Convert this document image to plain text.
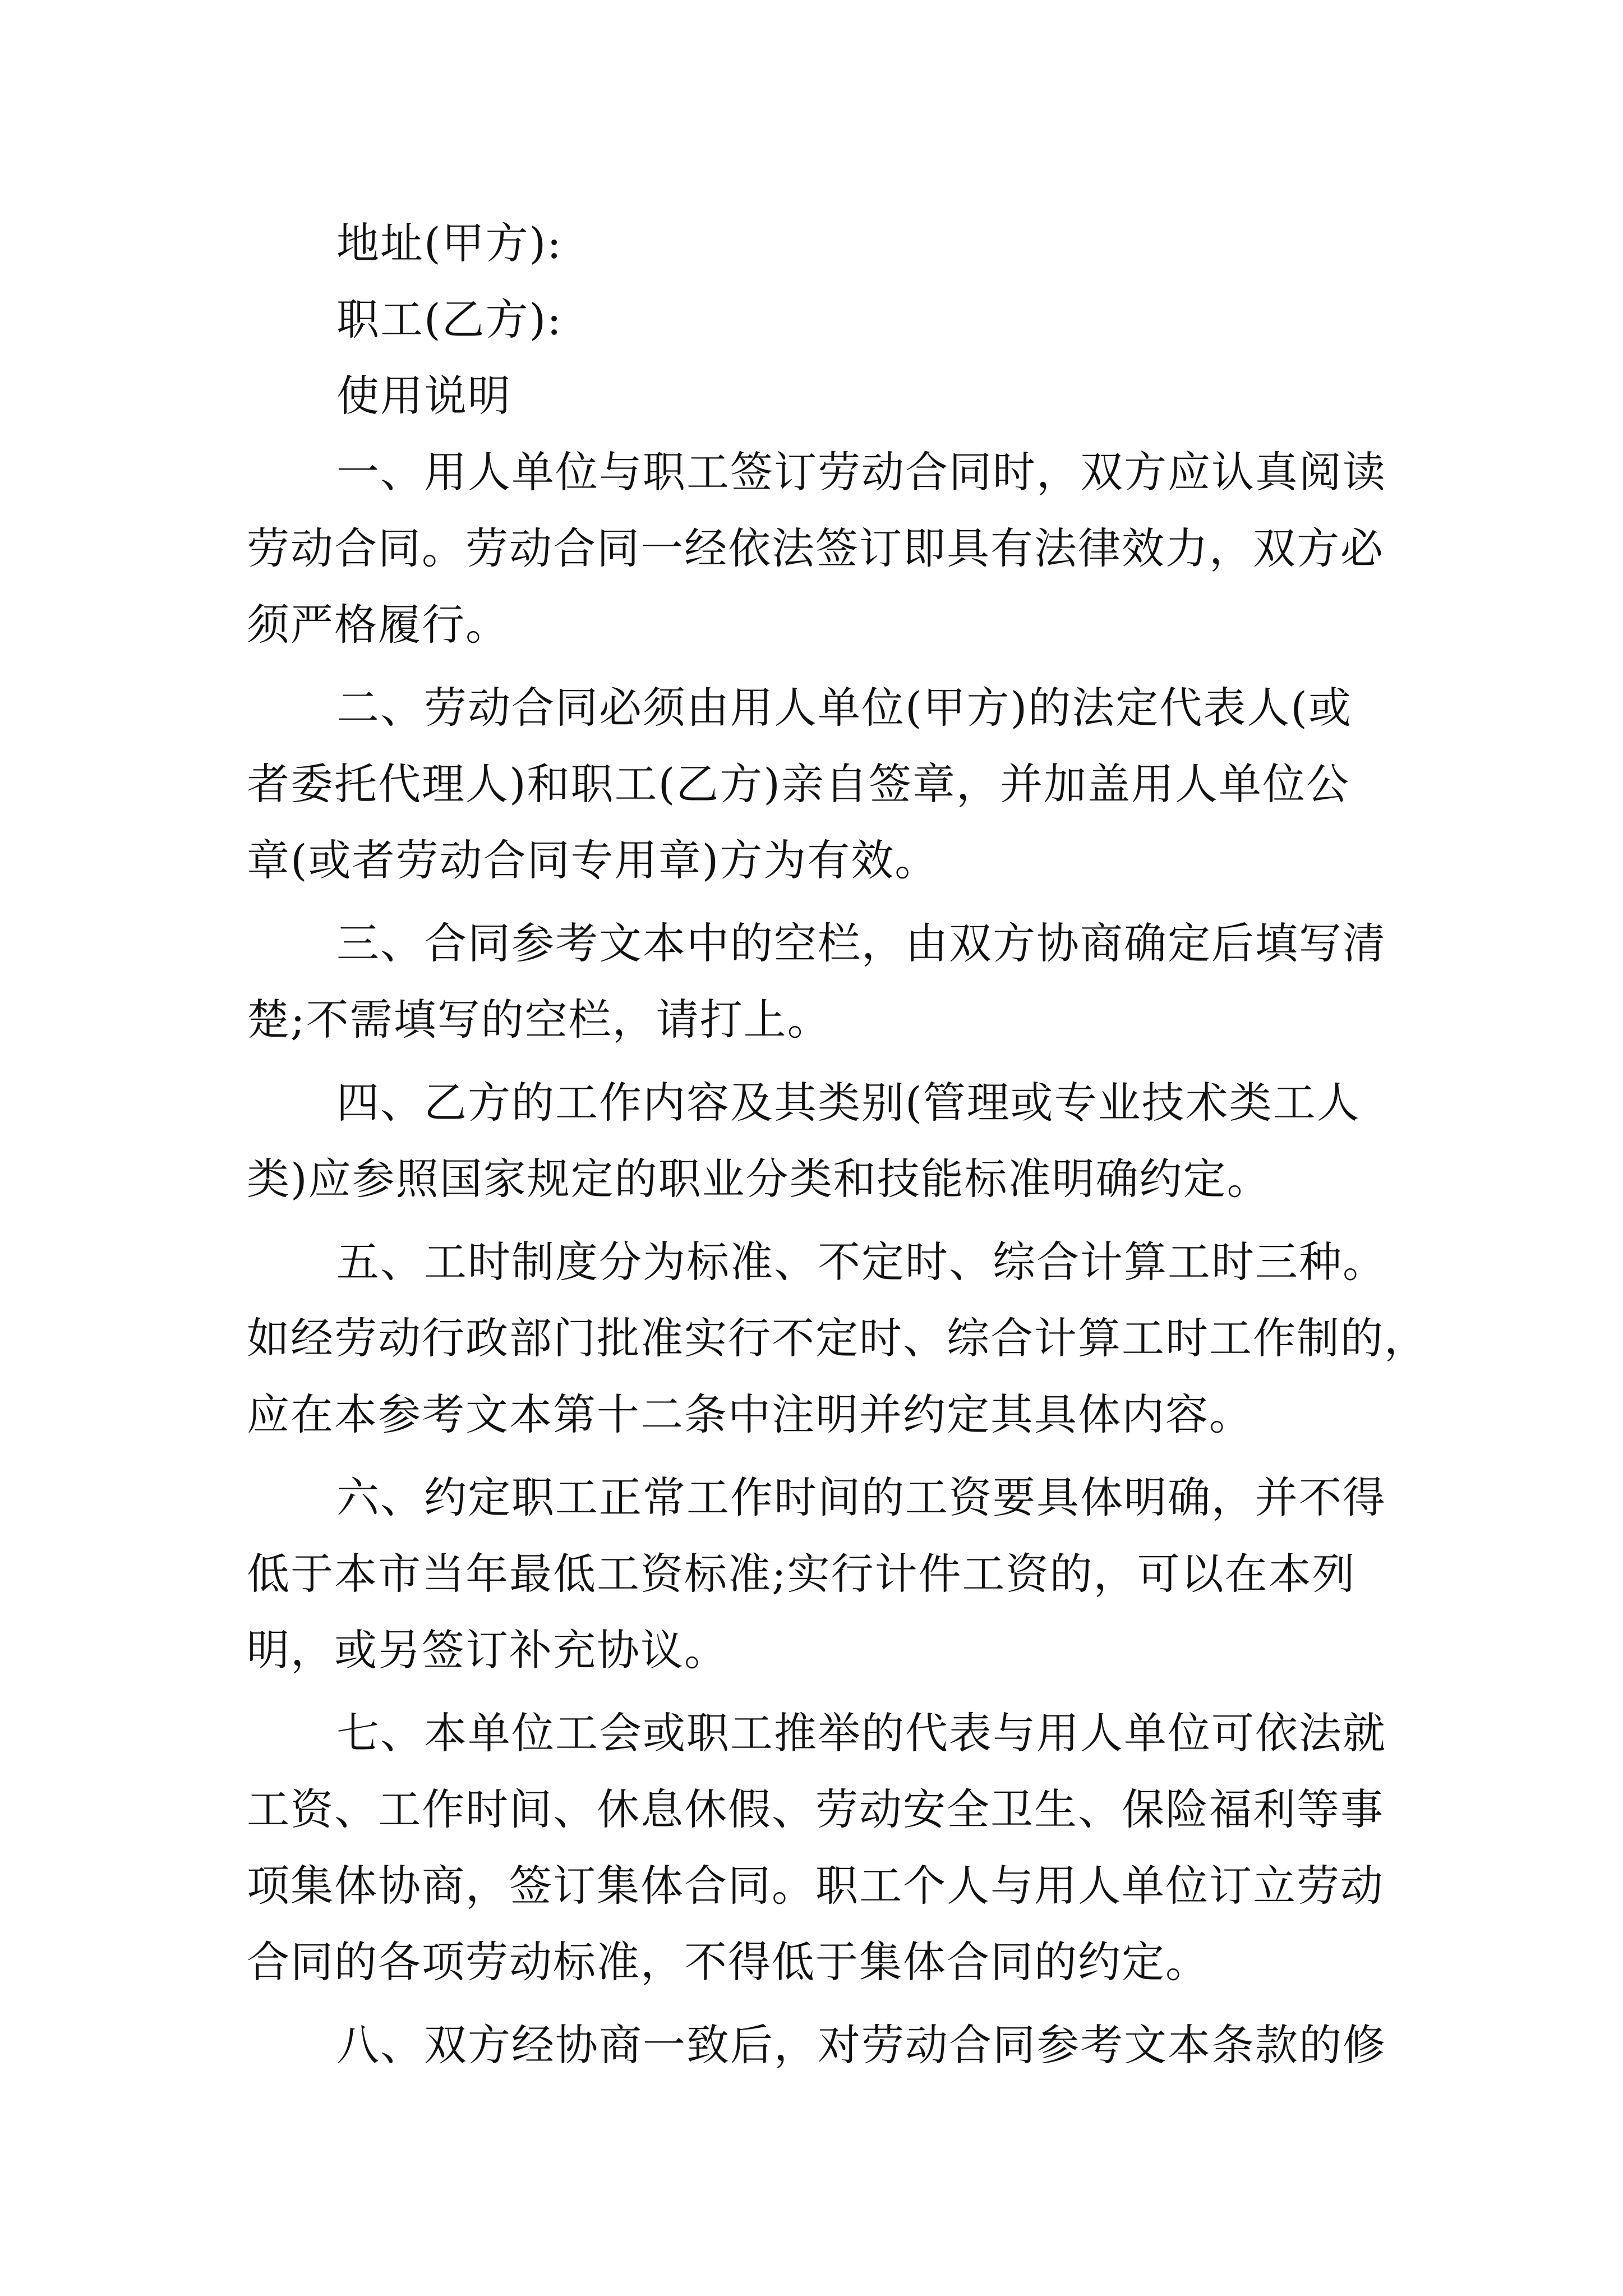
地址(甲方):
职工(乙方):
使用说明
一、用人单位与职工签订劳动合同时，双方应认真阅读
劳动合同。劳动合同一经依法签订即具有法律效力，双方必
须严格履行。
二、劳动合同必须由用人单位(甲方)的法定代表人(或
者委托代理人)和职工(乙方)亲自签章，并加盖用人单位公
章(或者劳动合同专用章)方为有效。
三、合同参考文本中的空栏，由双方协商确定后填写清
楚;不需填写的空栏，请打上。
四、乙方的工作内容及其类别(管理或专业技术类工人
类)应参照国家规定的职业分类和技能标准明确约定。
五、工时制度分为标准、不定时、综合计算工时三种。
如经劳动行政部门批准实行不定时、综合计算工时工作制的，
应在本参考文本第十二条中注明并约定其具体内容。
六、约定职工正常工作时间的工资要具体明确，并不得
低于本市当年最低工资标准;实行计件工资的，可以在本列
明，或另签订补充协议。
七、本单位工会或职工推举的代表与用人单位可依法就
工资、工作时间、休息休假、劳动安全卫生、保险福利等事
项集体协商，签订集体合同。职工个人与用人单位订立劳动
合同的各项劳动标准，不得低于集体合同的约定。
八、双方经协商一致后，对劳动合同参考文本条款的修
